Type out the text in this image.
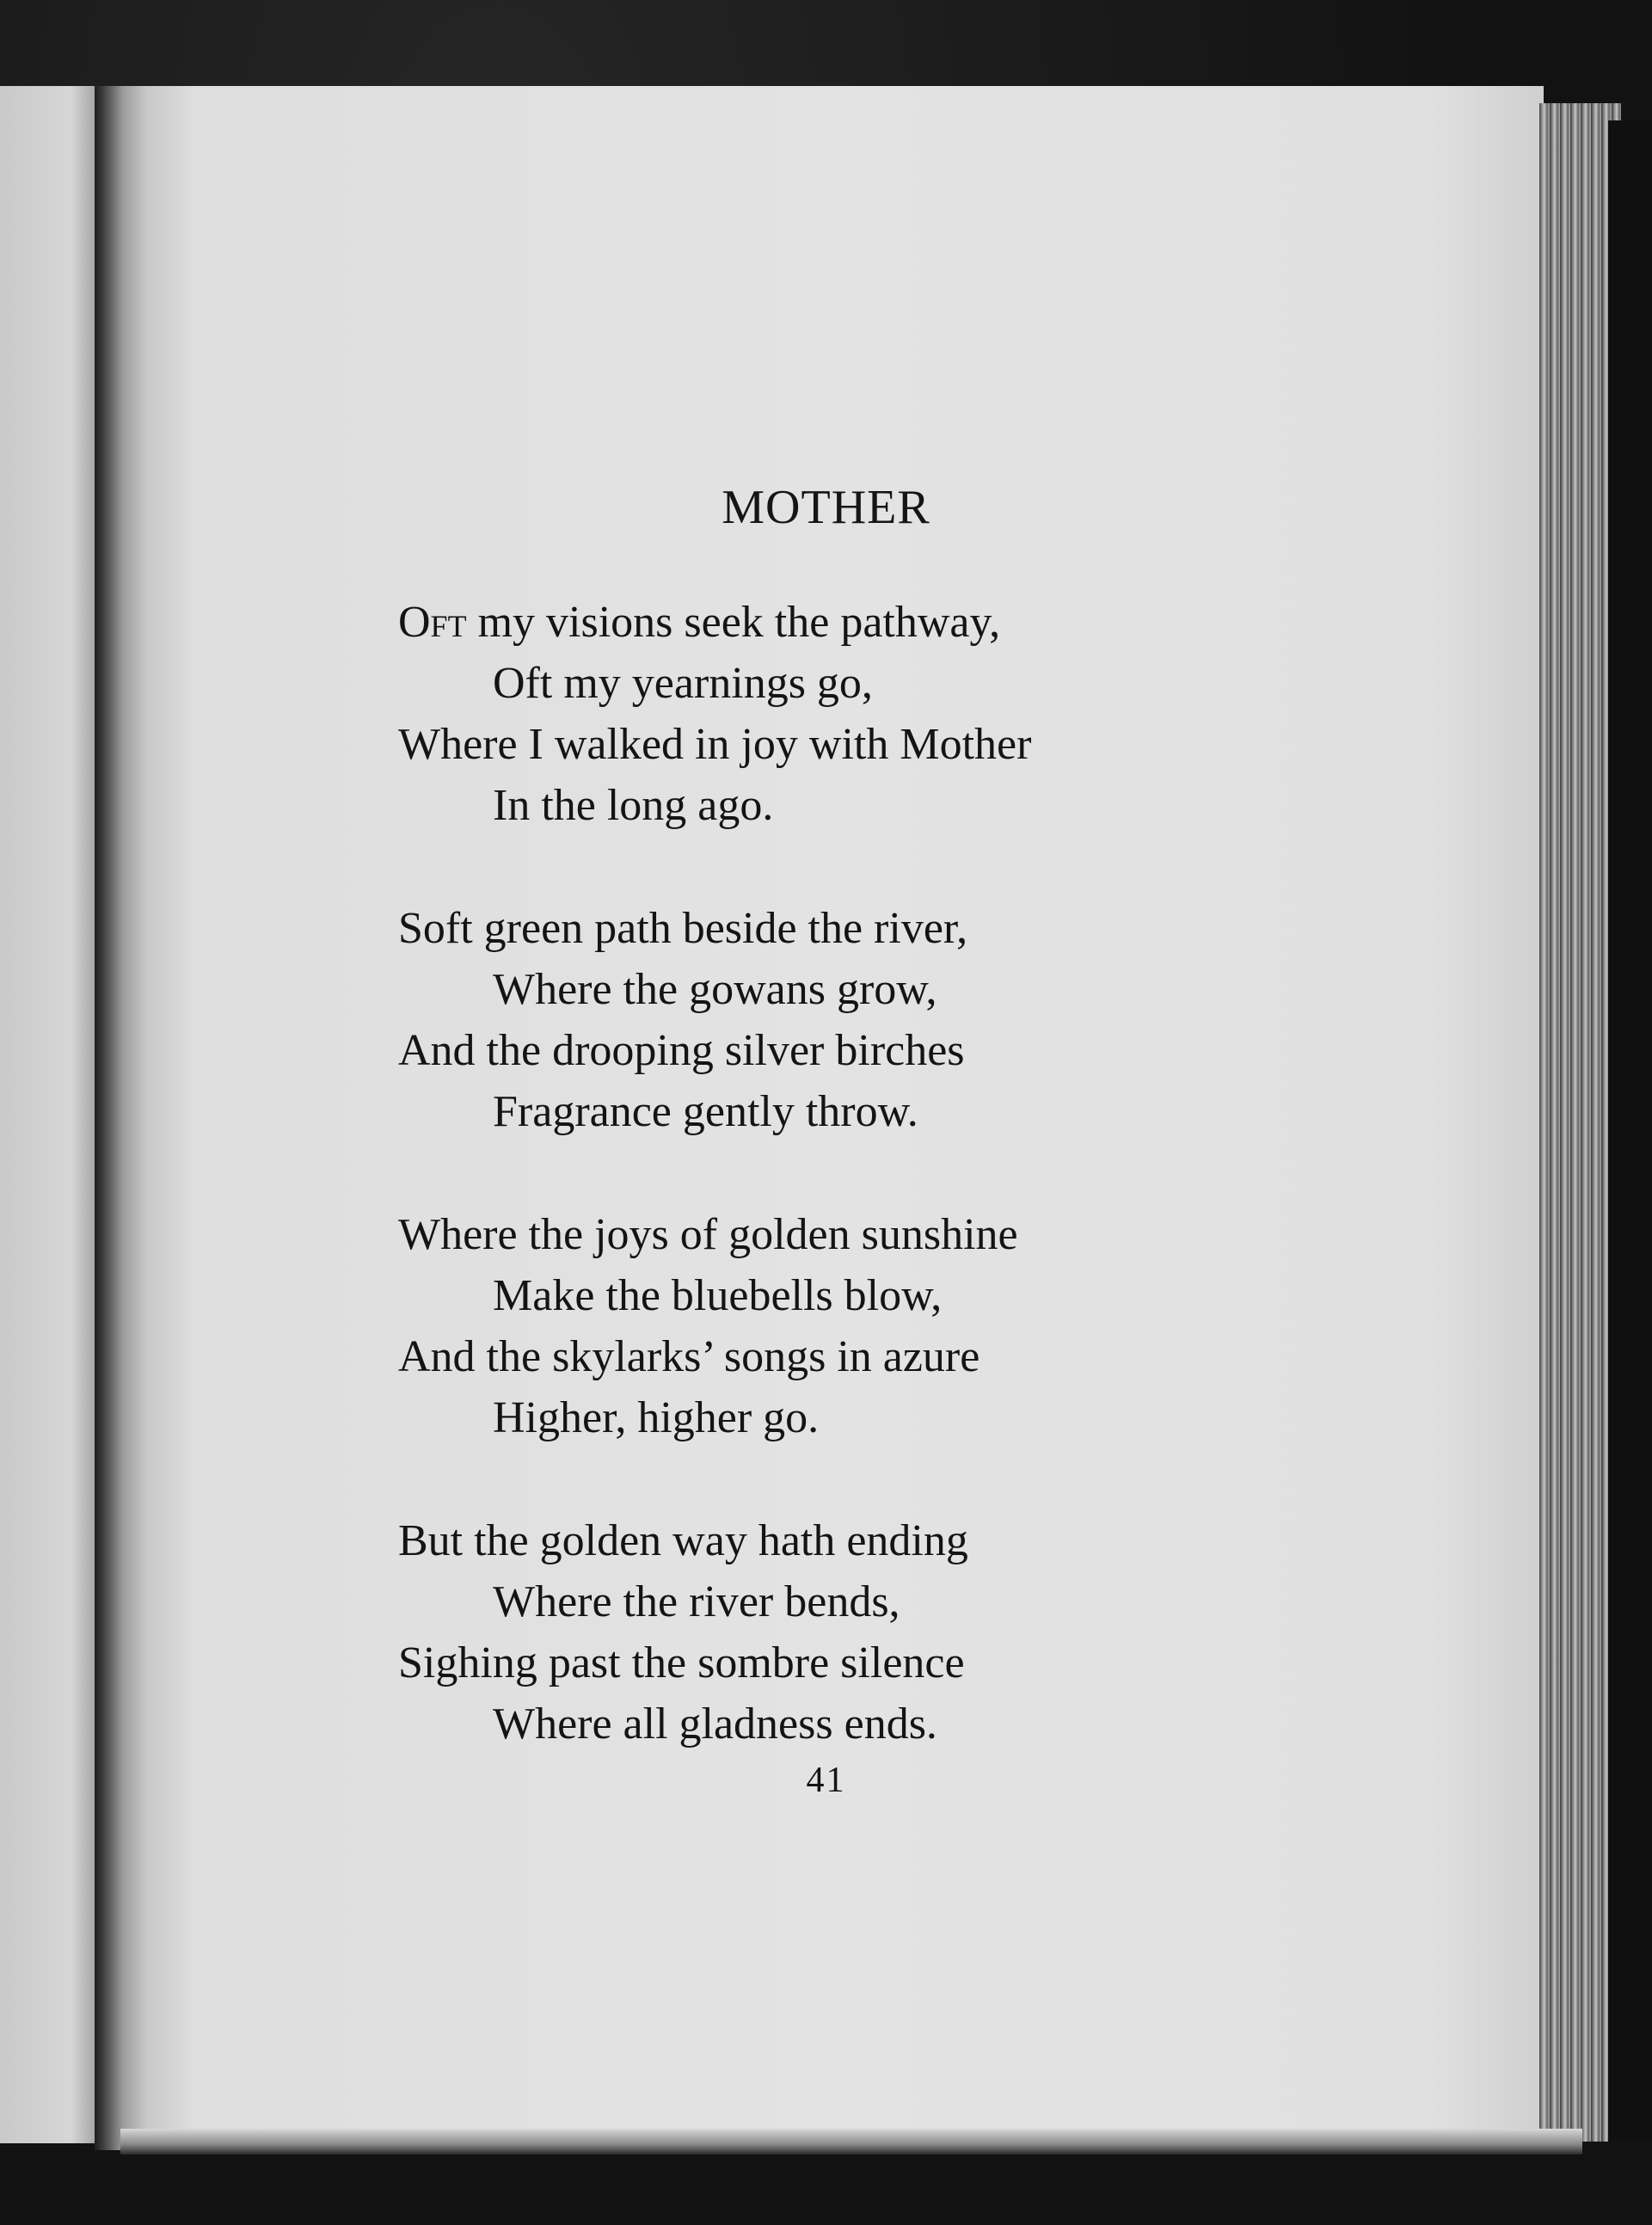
MOTHER
Oft my visions seek the pathway,
Oft my yearnings go,
Where I walked in joy with Mother
In the long ago.
Soft green path beside the river,
Where the gowans grow,
And the drooping silver birches
Fragrance gently throw.
Where the joys of golden sunshine
Make the bluebells blow,
And the skylarks’ songs in azure
Higher, higher go.
But the golden way hath ending
Where the river bends,
Sighing past the sombre silence
Where all gladness ends.
41
